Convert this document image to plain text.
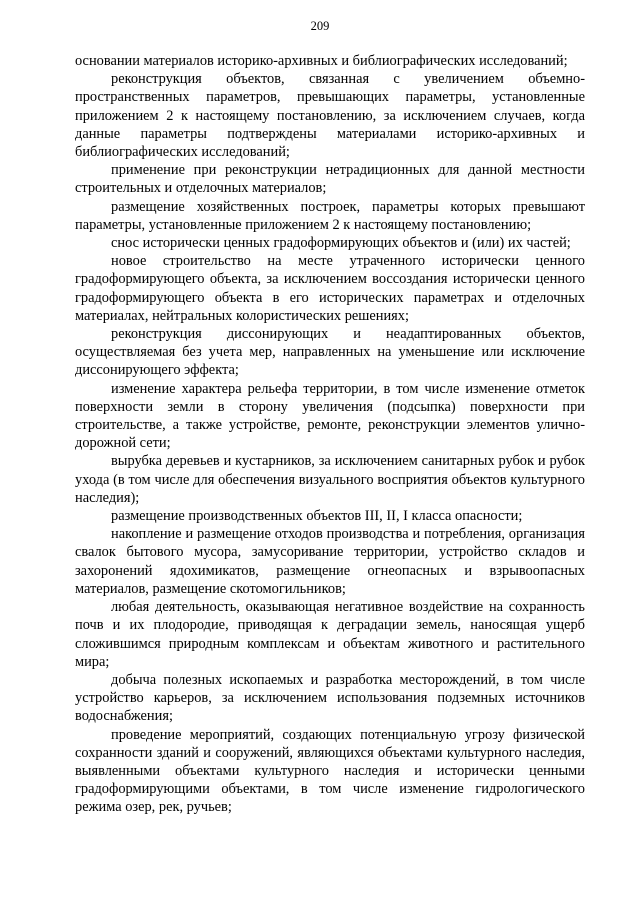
209

основании материалов историко-архивных и библиографических исследований;

реконструкция объектов, связанная с увеличением объемно-пространственных параметров, превышающих параметры, установленные приложением 2 к настоящему постановлению, за исключением случаев, когда данные параметры подтверждены материалами историко-архивных и библиографических исследований;

применение при реконструкции нетрадиционных для данной местности строительных и отделочных материалов;

размещение хозяйственных построек, параметры которых превышают параметры, установленные приложением 2 к настоящему постановлению;

снос исторически ценных градоформирующих объектов и (или) их частей;

новое строительство на месте утраченного исторически ценного градоформирующего объекта, за исключением воссоздания исторически ценного градоформирующего объекта в его исторических параметрах и отделочных материалах, нейтральных колористических решениях;

реконструкция диссонирующих и неадаптированных объектов, осуществляемая без учета мер, направленных на уменьшение или исключение диссонирующего эффекта;

изменение характера рельефа территории, в том числе изменение отметок поверхности земли в сторону увеличения (подсыпка) поверхности при строительстве, а также устройстве, ремонте, реконструкции элементов улично-дорожной сети;

вырубка деревьев и кустарников, за исключением санитарных рубок и рубок ухода (в том числе для обеспечения визуального восприятия объектов культурного наследия);

размещение производственных объектов III, II, I класса опасности;

накопление и размещение отходов производства и потребления, организация свалок бытового мусора, замусоривание территории, устройство складов и захоронений ядохимикатов, размещение огнеопасных и взрывоопасных материалов, размещение скотомогильников;

любая деятельность, оказывающая негативное воздействие на сохранность почв и их плодородие, приводящая к деградации земель, наносящая ущерб сложившимся природным комплексам и объектам животного и растительного мира;

добыча полезных ископаемых и разработка месторождений, в том числе устройство карьеров, за исключением использования подземных источников водоснабжения;

проведение мероприятий, создающих потенциальную угрозу физической сохранности зданий и сооружений, являющихся объектами культурного наследия, выявленными объектами культурного наследия и исторически ценными градоформирующими объектами, в том числе изменение гидрологического режима озер, рек, ручьев;
